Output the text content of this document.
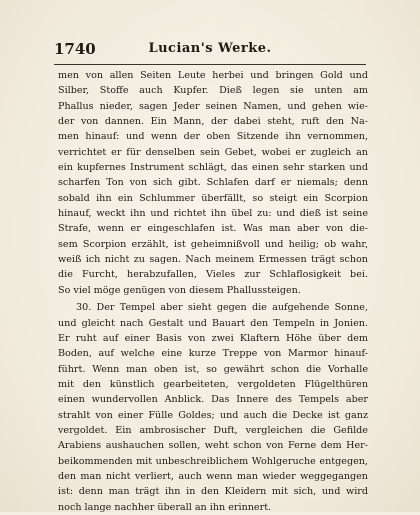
1740	Lucian's Werke.
men von allen Seiten Leute herbei und bringen Gold und
Silber, Stoffe auch Kupfer. Dieß legen sie unten am
Phallus nieder, sagen Jeder seinen Namen, und gehen wie-
der von dannen. Ein Mann, der dabei steht, ruft den Na-
men hinauf: und wenn der oben Sitzende ihn vernommen,
verrichtet er für denselben sein Gebet, wobei er zugleich an
ein kupfernes Instrument schlägt, das einen sehr starken und
scharfen Ton von sich gibt. Schlafen darf er niemals; denn
sobald ihn ein Schlummer überfällt, so steigt ein Scorpion
hinauf, weckt ihn und richtet ihn übel zu: und dieß ist seine
Strafe, wenn er eingeschlafen ist. Was man aber von die-
sem Scorpion erzählt, ist geheimnißvoll und heilig; ob wahr,
weiß ich nicht zu sagen. Nach meinem Ermessen trägt schon
die Furcht, herabzufallen, Vieles zur Schlaflosigkeit bei.
So viel möge genügen von diesem Phallussteigen.
30. Der Tempel aber sieht gegen die aufgehende Sonne,
und gleicht nach Gestalt und Bauart den Tempeln in Jonien.
Er ruht auf einer Basis von zwei Klaftern Höhe über dem
Boden, auf welche eine kurze Treppe von Marmor hinauf-
führt. Wenn man oben ist, so gewährt schon die Vorhalle
mit den künstlich gearbeiteten, vergoldeten Flügelthüren
einen wundervollen Anblick. Das Innere des Tempels aber
strahlt von einer Fülle Goldes; und auch die Decke ist ganz
vergoldet. Ein ambrosischer Duft, vergleichen die Gefilde
Arabiens aushauchen sollen, weht schon von Ferne dem Her-
beikommenden mit unbeschreiblichem Wohlgeruche entgegen,
den man nicht verliert, auch wenn man wieder weggegangen
ist: denn man trägt ihn in den Kleidern mit sich, und wird
noch lange nachher überall an ihn erinnert.
